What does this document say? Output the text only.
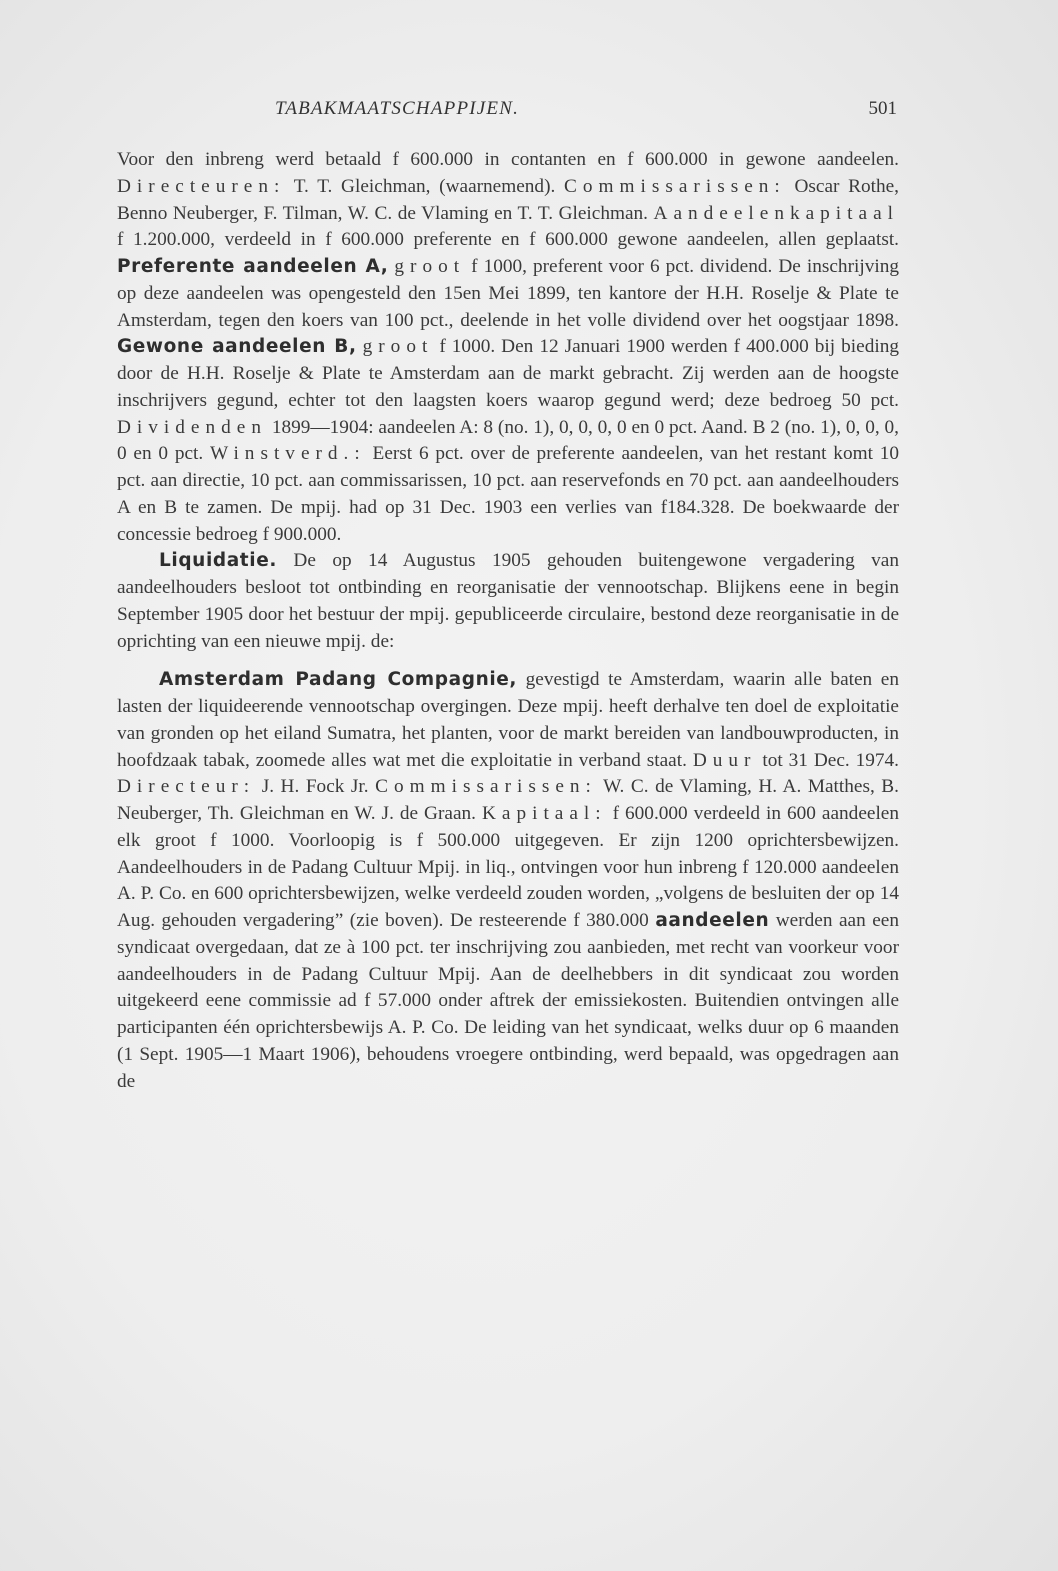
TABAKMAATSCHAPPIJEN.	501

Voor den inbreng werd betaald f 600.000 in contanten en f 600.000 in gewone aandeelen. Directeuren: T. T. Gleichman, (waarnemend). Commissarissen: Oscar Rothe, Benno Neuberger, F. Tilman, W. C. de Vlaming en T. T. Gleichman. Aandeelenkapitaal f 1.200.000, verdeeld in f 600.000 preferente en f 600.000 gewone aandeelen, allen geplaatst. Preferente aandeelen A, groot f 1000, preferent voor 6 pct. dividend. De inschrijving op deze aandeelen was opengesteld den 15en Mei 1899, ten kantore der H.H. Roselje & Plate te Amsterdam, tegen den koers van 100 pct., deelende in het volle dividend over het oogstjaar 1898. Gewone aandeelen B, groot f 1000. Den 12 Januari 1900 werden f 400.000 bij bieding door de H.H. Roselje & Plate te Amsterdam aan de markt gebracht. Zij werden aan de hoogste inschrijvers gegund, echter tot den laagsten koers waarop gegund werd; deze bedroeg 50 pct. Dividenden 1899—1904: aandeelen A: 8 (no. 1), 0, 0, 0, 0 en 0 pct. Aand. B 2 (no. 1), 0, 0, 0, 0 en 0 pct. Winstverd.: Eerst 6 pct. over de preferente aandeelen, van het restant komt 10 pct. aan directie, 10 pct. aan commissarissen, 10 pct. aan reservefonds en 70 pct. aan aandeelhouders A en B te zamen. De mpij. had op 31 Dec. 1903 een verlies van f184.328. De boekwaarde der concessie bedroeg f 900.000.

Liquidatie. De op 14 Augustus 1905 gehouden buitengewone vergadering van aandeelhouders besloot tot ontbinding en reorganisatie der vennootschap. Blijkens eene in begin September 1905 door het bestuur der mpij. gepubliceerde circulaire, bestond deze reorganisatie in de oprichting van een nieuwe mpij. de:

Amsterdam Padang Compagnie, gevestigd te Amsterdam, waarin alle baten en lasten der liquideerende vennootschap overgingen. Deze mpij. heeft derhalve ten doel de exploitatie van gronden op het eiland Sumatra, het planten, voor de markt bereiden van landbouwproducten, in hoofdzaak tabak, zoomede alles wat met die exploitatie in verband staat. Duur tot 31 Dec. 1974. Directeur: J. H. Fock Jr. Commissarissen: W. C. de Vlaming, H. A. Matthes, B. Neuberger, Th. Gleichman en W. J. de Graan. Kapitaal: f 600.000 verdeeld in 600 aandeelen elk groot f 1000. Voorloopig is f 500.000 uitgegeven. Er zijn 1200 oprichtersbewijzen. Aandeelhouders in de Padang Cultuur Mpij. in liq., ontvingen voor hun inbreng f 120.000 aandeelen A. P. Co. en 600 oprichtersbewijzen, welke verdeeld zouden worden, „volgens de besluiten der op 14 Aug. gehouden vergadering” (zie boven). De resteerende f 380.000 aandeelen werden aan een syndicaat overgedaan, dat ze à 100 pct. ter inschrijving zou aanbieden, met recht van voorkeur voor aandeelhouders in de Padang Cultuur Mpij. Aan de deelhebbers in dit syndicaat zou worden uitgekeerd eene commissie ad f 57.000 onder aftrek der emissiekosten. Buitendien ontvingen alle participanten één oprichtersbewijs A. P. Co. De leiding van het syndicaat, welks duur op 6 maanden (1 Sept. 1905—1 Maart 1906), behoudens vroegere ontbinding, werd bepaald, was opgedragen aan de
